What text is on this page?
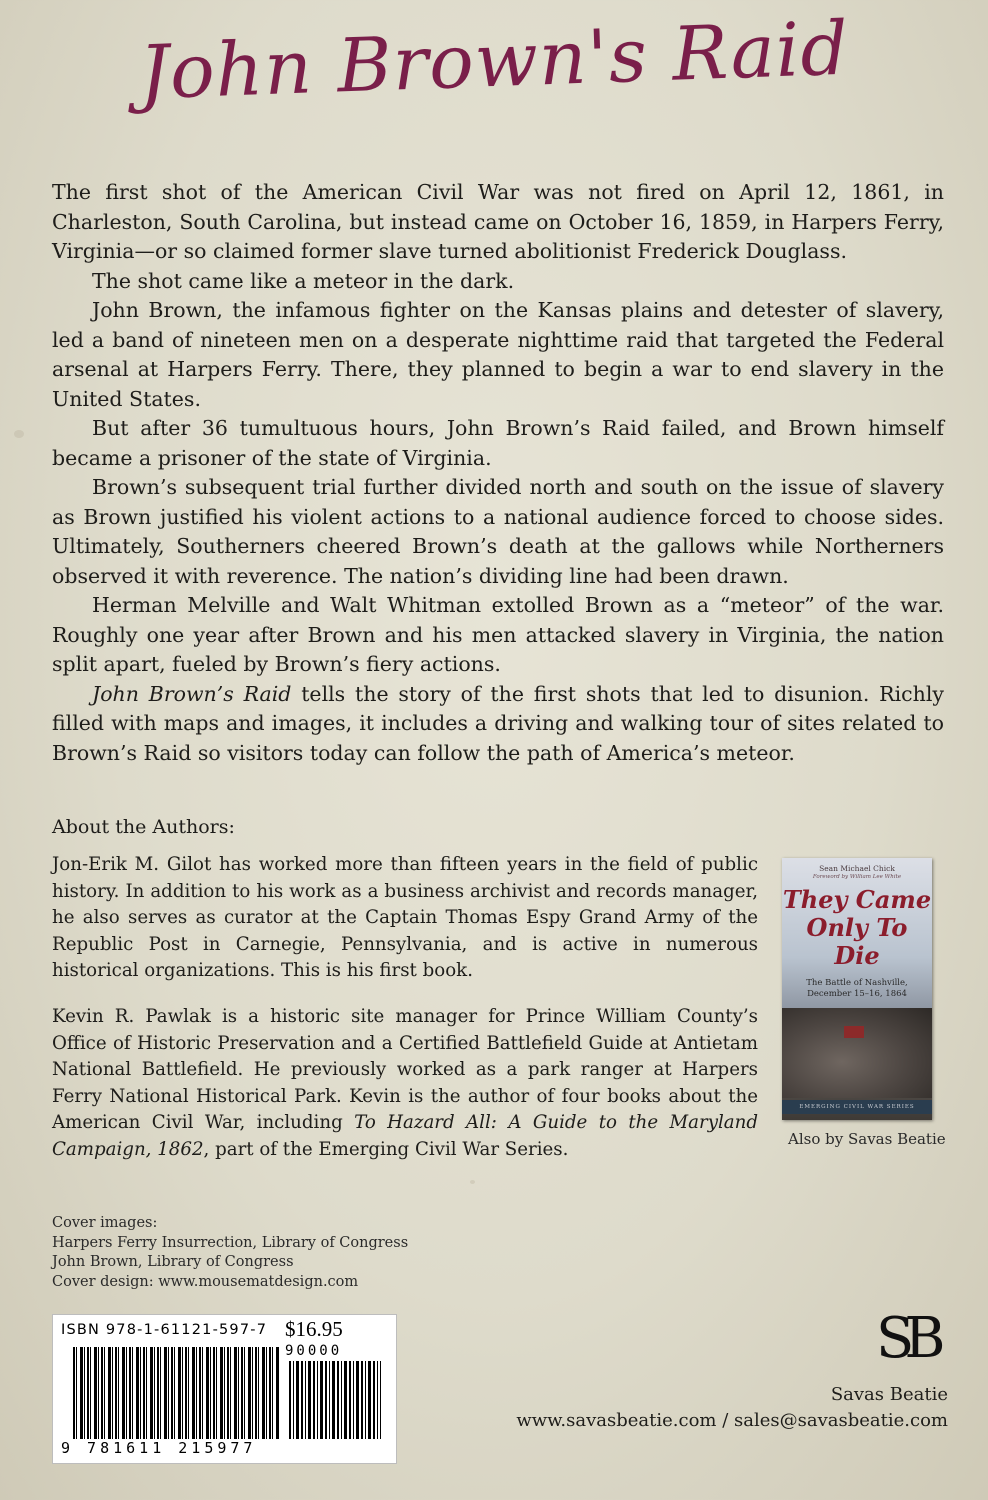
John Brown's Raid

The first shot of the American Civil War was not fired on April 12, 1861, in Charleston, South Carolina, but instead came on October 16, 1859, in Harpers Ferry, Virginia—or so claimed former slave turned abolitionist Frederick Douglass.

The shot came like a meteor in the dark.

John Brown, the infamous fighter on the Kansas plains and detester of slavery, led a band of nineteen men on a desperate nighttime raid that targeted the Federal arsenal at Harpers Ferry. There, they planned to begin a war to end slavery in the United States.

But after 36 tumultuous hours, John Brown’s Raid failed, and Brown himself became a prisoner of the state of Virginia.

Brown’s subsequent trial further divided north and south on the issue of slavery as Brown justified his violent actions to a national audience forced to choose sides. Ultimately, Southerners cheered Brown’s death at the gallows while Northerners observed it with reverence. The nation’s dividing line had been drawn.

Herman Melville and Walt Whitman extolled Brown as a “meteor” of the war. Roughly one year after Brown and his men attacked slavery in Virginia, the nation split apart, fueled by Brown’s fiery actions.

John Brown’s Raid tells the story of the first shots that led to disunion. Richly filled with maps and images, it includes a driving and walking tour of sites related to Brown’s Raid so visitors today can follow the path of America’s meteor.

About the Authors:

Jon-Erik M. Gilot has worked more than fifteen years in the field of public history. In addition to his work as a business archivist and records manager, he also serves as curator at the Captain Thomas Espy Grand Army of the Republic Post in Carnegie, Pennsylvania, and is active in numerous historical organizations. This is his first book.

Kevin R. Pawlak is a historic site manager for Prince William County’s Office of Historic Preservation and a Certified Battlefield Guide at Antietam National Battlefield. He previously worked as a park ranger at Harpers Ferry National Historical Park. Kevin is the author of four books about the American Civil War, including To Hazard All: A Guide to the Maryland Campaign, 1862, part of the Emerging Civil War Series.

Sean Michael Chick
Foreword by William Lee White
They Came Only To Die
The Battle of Nashville,
December 15–16, 1864
EMERGING CIVIL WAR SERIES
Also by Savas Beatie
Cover images:
Harpers Ferry Insurrection, Library of Congress
John Brown, Library of Congress
Cover design: www.mousematdesign.com
ISBN 978-1-61121-597-7 $16.95
90000
9 781611 215977
SB
Savas Beatie
www.savasbeatie.com / sales@savasbeatie.com
